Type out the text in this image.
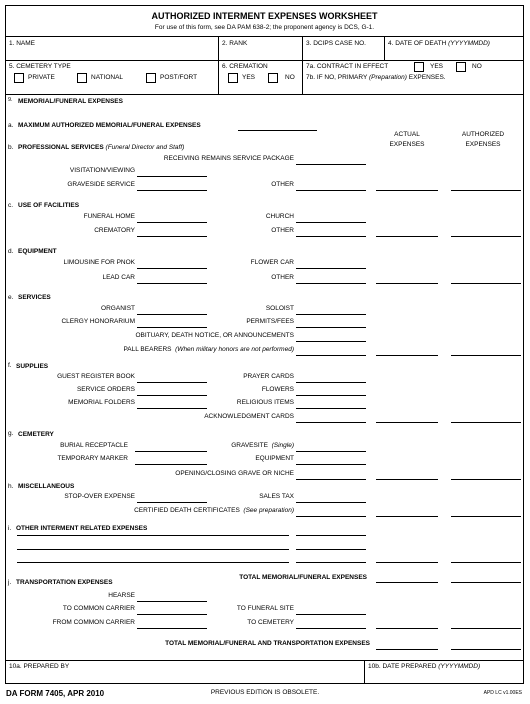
AUTHORIZED INTERMENT EXPENSES WORKSHEET
For use of this form, see DA PAM 638-2; the proponent agency is DCS, G-1.
1. NAME	2. RANK	3. DCIPS CASE NO.	4. DATE OF DEATH (YYYYMMDD)
5. CEMETERY TYPE
PRIVATE	NATIONAL	POST/FORT
6. CREMATION
YES	NO
7a. CONTRACT IN EFFECT	YES	NO
7b. IF NO, PRIMARY (Preparation) EXPENSES.
9. MEMORIAL/FUNERAL EXPENSES
a. MAXIMUM AUTHORIZED MEMORIAL/FUNERAL EXPENSES
ACTUAL
EXPENSES
AUTHORIZED
EXPENSES
b. PROFESSIONAL SERVICES (Funeral Director and Staff)
RECEIVING REMAINS SERVICE PACKAGE
VISITATION/VIEWING
GRAVESIDE SERVICE	OTHER
c. USE OF FACILITIES
FUNERAL HOME	CHURCH
CREMATORY	OTHER
d. EQUIPMENT
LIMOUSINE FOR PNOK	FLOWER CAR
LEAD CAR	OTHER
e. SERVICES
ORGANIST	SOLOIST
CLERGY HONORARIUM	PERMITS/FEES
OBITUARY, DEATH NOTICE, OR ANNOUNCEMENTS
PALL BEARERS (When military honors are not performed)
f. SUPPLIES
GUEST REGISTER BOOK	PRAYER CARDS
SERVICE ORDERS	FLOWERS
MEMORIAL FOLDERS	RELIGIOUS ITEMS
ACKNOWLEDGMENT CARDS
g. CEMETERY
BURIAL RECEPTACLE	GRAVESITE (Single)
TEMPORARY MARKER	EQUIPMENT
OPENING/CLOSING GRAVE OR NICHE
h. MISCELLANEOUS
STOP-OVER EXPENSE	SALES TAX
CERTIFIED DEATH CERTIFICATES (See preparation)
i. OTHER INTERMENT RELATED EXPENSES
TOTAL MEMORIAL/FUNERAL EXPENSES
j. TRANSPORTATION EXPENSES
HEARSE
TO COMMON CARRIER	TO FUNERAL SITE
FROM COMMON CARRIER	TO CEMETERY
TOTAL MEMORIAL/FUNERAL AND TRANSPORTATION EXPENSES
10a. PREPARED BY	10b. DATE PREPARED (YYYYMMDD)
DA FORM 7405, APR 2010	PREVIOUS EDITION IS OBSOLETE.	APD LC v1.00ES
